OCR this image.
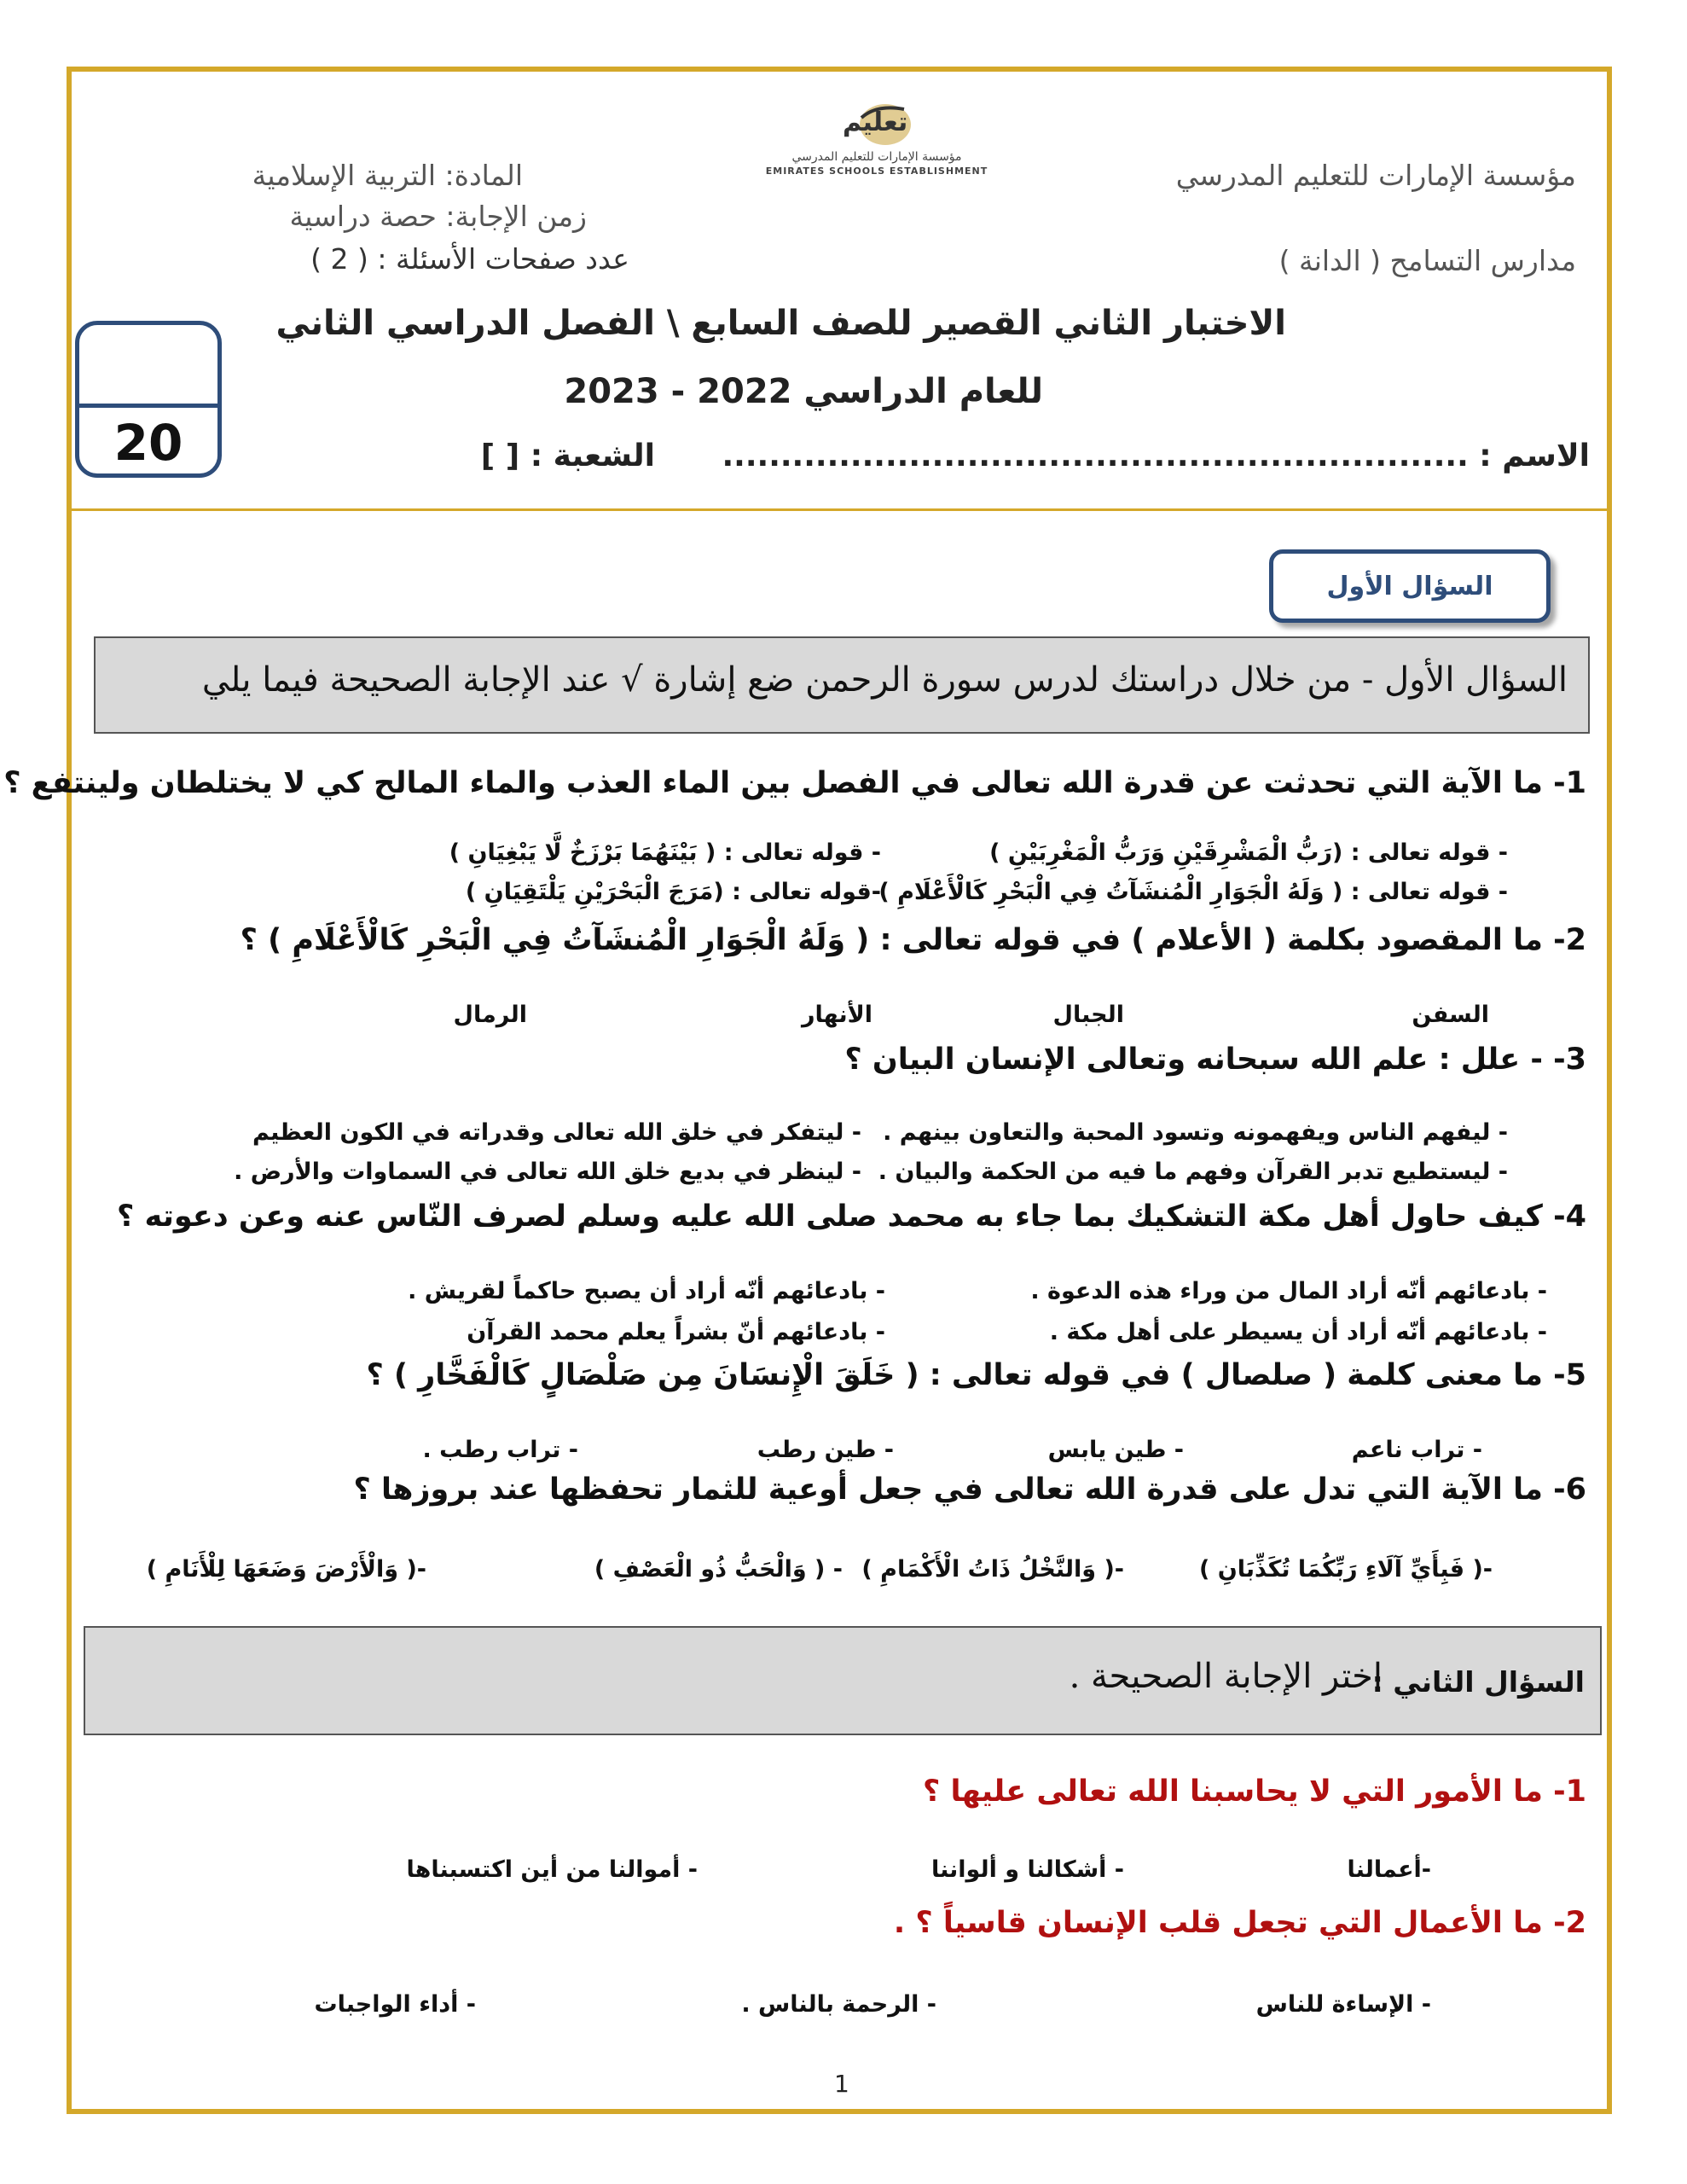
مؤسسة الإمارات للتعليم المدرسي
مدارس التسامح ( الدانة )
تعليم
مؤسسة الإمارات للتعليم المدرسي
EMIRATES SCHOOLS ESTABLISHMENT
المادة: التربية الإسلامية
زمن الإجابة: حصة دراسية
عدد صفحات الأسئلة : ( 2 )
الاختبار الثاني القصير للصف السابع \ الفصل الدراسي الثاني
للعام الدراسي 2022 - 2023
الاسم : ................................................................
الشعبة : [ ]
20
السؤال الأول
السؤال الأول - من خلال دراستك لدرس سورة الرحمن ضع إشارة √ عند الإجابة الصحيحة فيما يلي
1- ما الآية التي تحدثت عن قدرة الله تعالى في الفصل بين الماء العذب والماء المالح كي لا يختلطان ولينتفع ؟
- قوله تعالى : (رَبُّ الْمَشْرِقَيْنِ وَرَبُّ الْمَغْرِبَيْنِ )
- قوله تعالى : ( بَيْنَهُمَا بَرْزَخٌ لَّا يَبْغِيَانِ )
- قوله تعالى : ( وَلَهُ الْجَوَارِ الْمُنشَآتُ فِي الْبَحْرِ كَالْأَعْلَامِ )
-قوله تعالى : (مَرَجَ الْبَحْرَيْنِ يَلْتَقِيَانِ )
2- ما المقصود بكلمة ( الأعلام ) في قوله تعالى : ( وَلَهُ الْجَوَارِ الْمُنشَآتُ فِي الْبَحْرِ كَالْأَعْلَامِ ) ؟
السفن
الجبال
الأنهار
الرمال
3- - علل : علم الله سبحانه وتعالى الإنسان البيان ؟
- ليفهم الناس ويفهمونه وتسود المحبة والتعاون بينهم .
- ليتفكر في خلق الله تعالى وقدراته في الكون العظيم
- ليستطيع تدبر القرآن وفهم ما فيه من الحكمة والبيان .
- لينظر في بديع خلق الله تعالى في السماوات والأرض .
4- كيف حاول أهل مكة التشكيك بما جاء به محمد صلى الله عليه وسلم لصرف النّاس عنه وعن دعوته ؟
- بادعائهم أنّه أراد المال من وراء هذه الدعوة .
- بادعائهم أنّه أراد أن يصبح حاكماً لقريش .
- بادعائهم أنّه أراد أن يسيطر على أهل مكة .
- بادعائهم أنّ بشراً يعلم محمد القرآن
5- ما معنى كلمة ( صلصال ) في قوله تعالى : ( خَلَقَ الْإِنسَانَ مِن صَلْصَالٍ كَالْفَخَّارِ ) ؟
- تراب ناعم
- طين يابس
- طين رطب
- تراب رطب .
6- ما الآية التي تدل على قدرة الله تعالى في جعل أوعية للثمار تحفظها عند بروزها ؟
-( فَبِأَيِّ آلَاءِ رَبِّكُمَا تُكَذِّبَانِ )
-( وَالنَّخْلُ ذَاتُ الْأَكْمَامِ )
- ( وَالْحَبُّ ذُو الْعَصْفِ )
-( وَالْأَرْضَ وَضَعَهَا لِلْأَنَامِ )
السؤال الثاني :
اختر الإجابة الصحيحة .
1- ما الأمور التي لا يحاسبنا الله تعالى عليها ؟
-أعمالنا
- أشكالنا و ألواننا
- أموالنا من أين اكتسبناها
2- ما الأعمال التي تجعل قلب الإنسان قاسياً ؟ .
- الإساءة للناس
- الرحمة بالناس .
- أداء الواجبات
1
